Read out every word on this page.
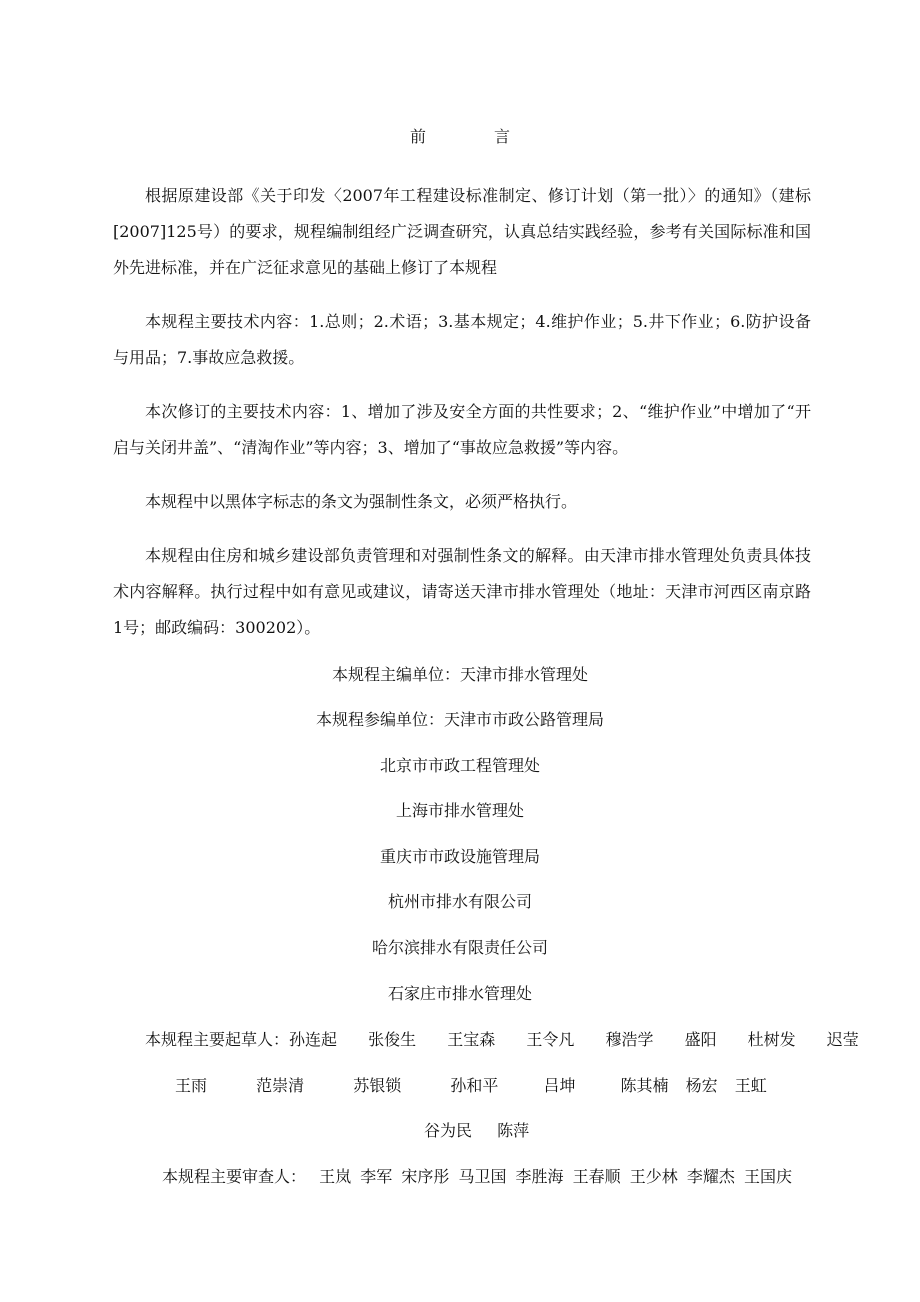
前　言
根据原建设部《关于印发〈2007年工程建设标准制定、修订计划（第一批）〉的通知》（建标[2007]125号）的要求，规程编制组经广泛调查研究，认真总结实践经验，参考有关国际标准和国外先进标准，并在广泛征求意见的基础上修订了本规程
本规程主要技术内容：1.总则；2.术语；3.基本规定；4.维护作业；5.井下作业；6.防护设备与用品；7.事故应急救援。
本次修订的主要技术内容：1、增加了涉及安全方面的共性要求；2、“维护作业”中增加了“开启与关闭井盖”、“清淘作业”等内容；3、增加了“事故应急救援”等内容。
本规程中以黑体字标志的条文为强制性条文，必须严格执行。
本规程由住房和城乡建设部负责管理和对强制性条文的解释。由天津市排水管理处负责具体技术内容解释。执行过程中如有意见或建议，请寄送天津市排水管理处（地址：天津市河西区南京路1号；邮政编码：300202）。
本规程主编单位：天津市排水管理处
本规程参编单位：天津市市政公路管理局
北京市市政工程管理处
上海市排水管理处
重庆市市政设施管理局
杭州市排水有限公司
哈尔滨排水有限责任公司
石家庄市排水管理处
本规程主要起草人：孙连起 张俊生 王宝森 王令凡 穆浩学 盛阳 杜树发 迟莹
王雨	范崇清	苏银锁	孙和平	吕坤	陈其楠 杨宏 王虹
谷为民 陈萍
本规程主要审查人： 王岚 李军 宋序彤 马卫国 李胜海 王春顺 王少林 李耀杰 王国庆
